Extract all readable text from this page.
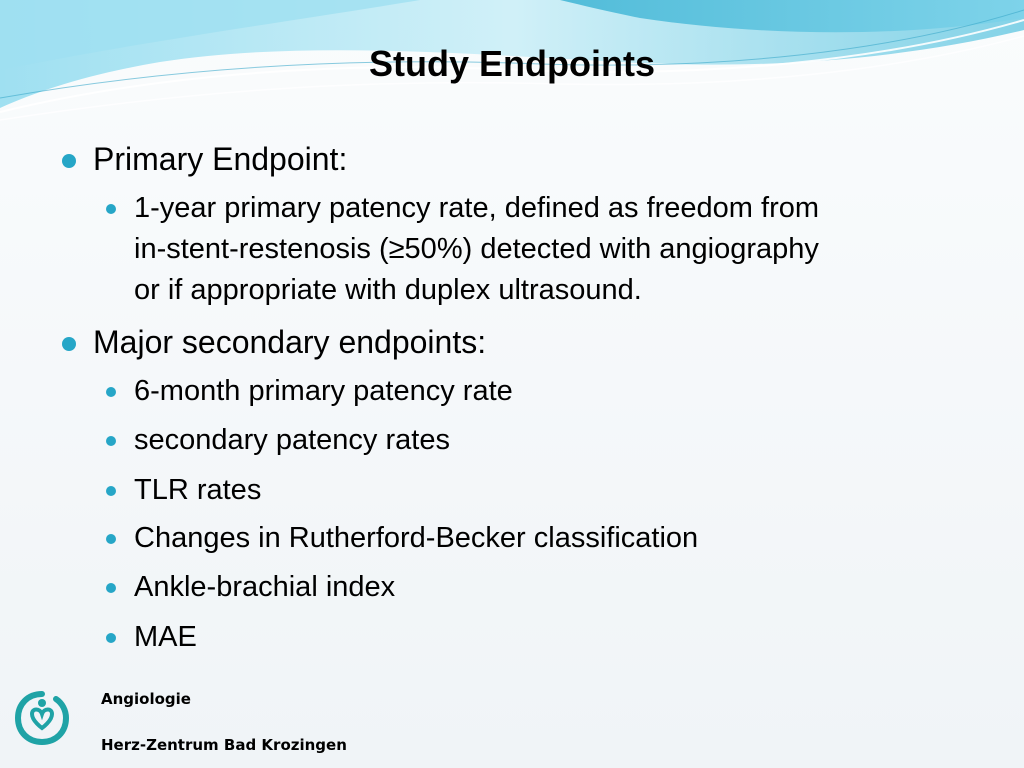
Study Endpoints
Primary Endpoint:
1-year primary patency rate, defined as freedom from
in-stent-restenosis (≥50%) detected with angiography
or if appropriate with duplex ultrasound.
Major secondary endpoints:
6-month primary patency rate
secondary patency rates
TLR rates
Changes in Rutherford-Becker classification
Ankle-brachial index
MAE
Angiologie
Herz-Zentrum Bad Krozingen
